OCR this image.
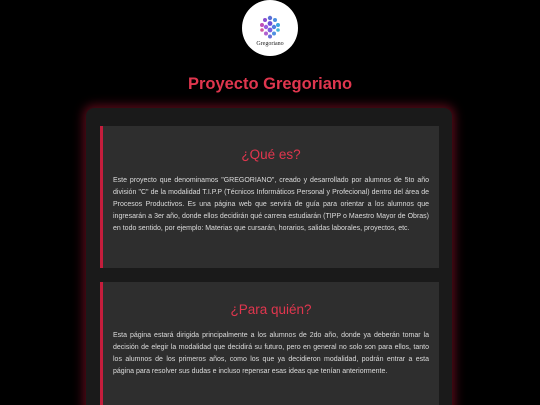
Gregoriano
Proyecto Gregoriano
¿Qué es?

Este proyecto que denominamos "GREGORIANO", creado y desarrollado por alumnos de 5to año división "C" de la modalidad T.I.P.P (Técnicos Informáticos Personal y Profecional) dentro del área de Procesos Productivos. Es una página web que servirá de guía para orientar a los alumnos que ingresarán a 3er año, donde ellos decidirán qué carrera estudiarán (TIPP o Maestro Mayor de Obras) en todo sentido, por ejemplo: Materias que cursarán, horarios, salidas laborales, proyectos, etc.

¿Para quién?

Esta página estará dirigida principalmente a los alumnos de 2do año, donde ya deberán tomar la decisión de elegir la modalidad que decidirá su futuro, pero en general no solo son para ellos, tanto los alumnos de los primeros años, como los que ya decidieron modalidad, podrán entrar a esta página para resolver sus dudas e incluso repensar esas ideas que tenían anteriormente.
